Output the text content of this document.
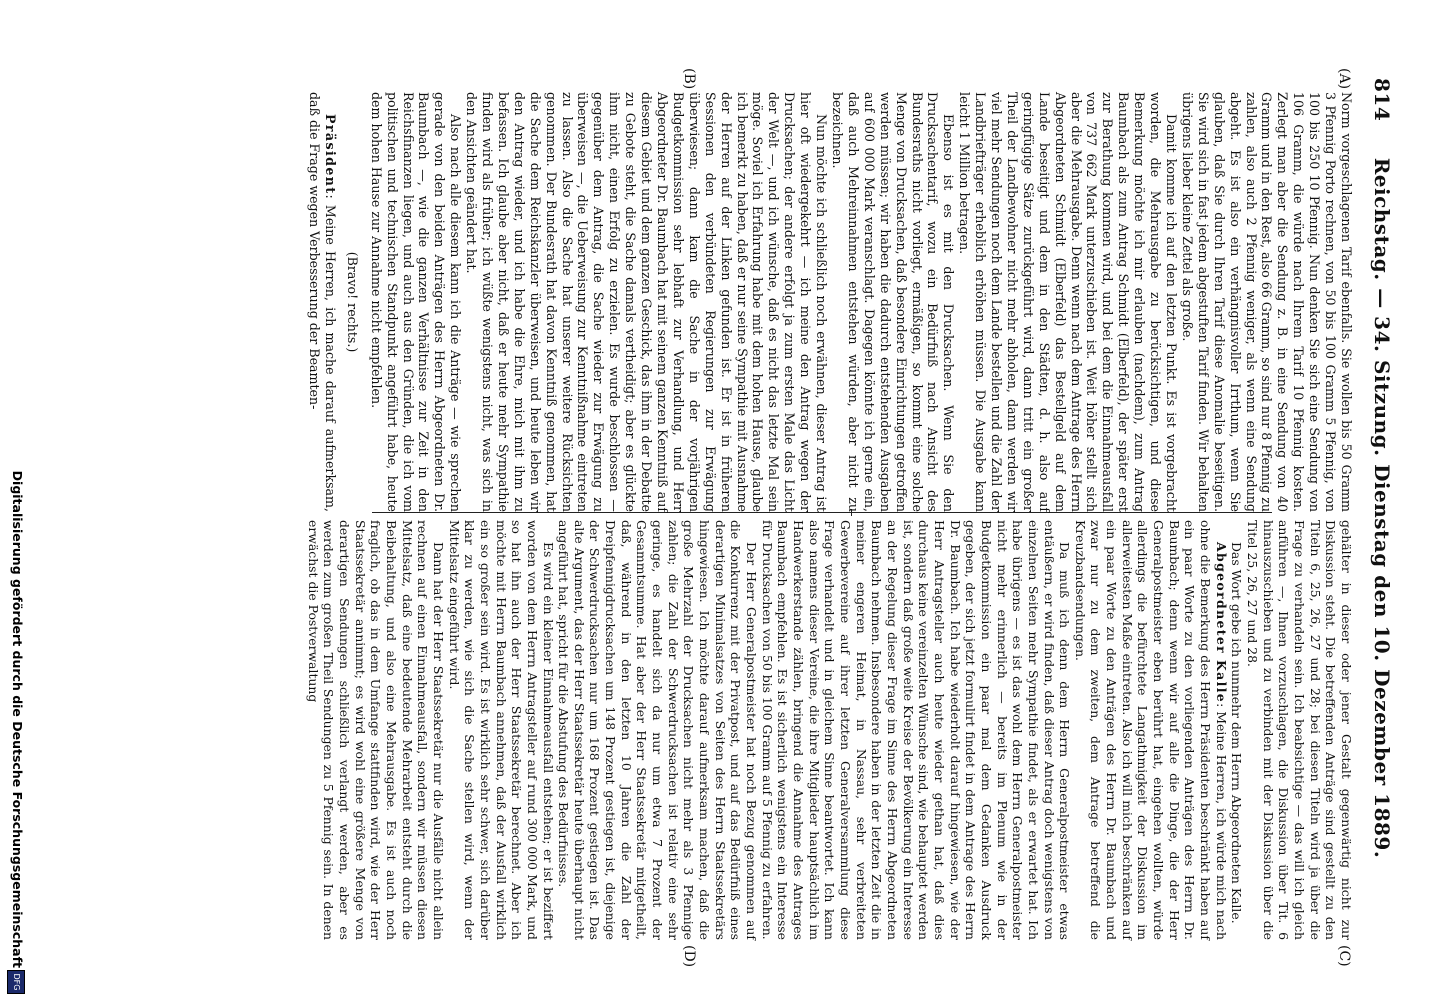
814
Reichstag. — 34. Sitzung. Dienstag den 10. Dezember 1889.
(A)
(B)
(C)
(D)

Norm vorgeschlagenen Tarif ebenfalls. Sie wollen bis 50 Gramm 3 Pfennig Porto rechnen, von 50 bis 100 Gramm 5 Pfennig, von 100 bis 250 10 Pfennig. Nun denken Sie sich eine Sendung von 106 Gramm, die würde nach Ihrem Tarif 10 Pfennig kosten. Zerlegt man aber die Sendung z. B. in eine Sendung von 40 Gramm und in den Rest, also 66 Gramm, so sind nur 8 Pfennig zu zahlen, also auch 2 Pfennig weniger, als wenn eine Sendung abgeht. Es ist also ein verhängnisvoller Irrthum, wenn Sie glauben, daß Sie durch Ihren Tarif diese Anomalie beseitigen. Sie wird sich in fast jedem abgestuften Tarif finden. Wir behalten übrigens lieber kleine Zettel als große.

Damit komme ich auf den letzten Punkt. Es ist vorgebracht worden, die Mehrausgabe zu berücksichtigen, und diese Bemerkung möchte ich mir erlauben (nachdem), zum Antrag Baumbach als zum Antrag Schmidt (Elberfeld), der später erst zur Berathung kommen wird, und bei dem die Einnahmeausfall von 737 662 Mark unterzuschieben ist. Weit höher stellt sich aber die Mehrausgabe. Denn wenn nach dem Antrage des Herrn Abgeordneten Schmidt (Elberfeld) das Bestellgeld auf dem Lande beseitigt und dem in den Städten, d. h. also auf geringfügige Sätze zurückgeführt wird, dann tritt ein großer Theil der Landbewohner nicht mehr abholen, dann werden wir viel mehr Sendungen noch dem Lande bestellen und die Zahl der Landbriefträger erheblich erhöhen müssen. Die Ausgabe kann leicht 1 Million betragen.

Ebenso ist es mit den Drucksachen. Wenn Sie den Drucksachentarif, wozu ein Bedürfniß nach Ansicht des Bundesraths nicht vorliegt, ermäßigen, so kommt eine solche Menge von Drucksachen, daß besondere Einrichtungen getroffen werden müssen; wir haben die dadurch entstehenden Ausgaben auf 600 000 Mark veranschlagt. Dagegen könnte ich gerne ein, daß auch Mehreinnahmen entstehen würden, aber nicht zu bezeichnen.

Nun möchte ich schließlich noch erwähnen, dieser Antrag ist hier oft wiedergekehrt — ich meine den Antrag wegen der Drucksachen; der andere erfolgt ja zum ersten Male das Licht der Welt —, und ich wünsche, daß es nicht das letzte Mal sein möge. Soviel ich Erfahrung habe mit dem hohen Hause, glaube ich bemerkt zu haben, daß er nur seine Sympathie mit Ausnahme der Herren auf der Linken gefunden ist. Er ist in früheren Sessionen den verbündeten Regierungen zur Erwägung überwiesen; dann kam die Sache in der vorjährigen Budgetkommission sehr lebhaft zur Verhandlung, und Herr Abgeordneter Dr. Baumbach hat mit seinem ganzen Kenntniß auf diesem Gebiet und dem ganzen Geschick, das ihm in der Debatte zu Gebote steht, die Sache damals vertheidigt; aber es glückte ihm nicht, einen Erfolg zu erzielen. Es wurde beschlossen — gegenüber dem Antrag, die Sache wieder zur Erwägung zu überweisen —, die Ueberweisung zur Kenntnißnahme eintreten zu lassen. Also die Sache hat unserer weitere Rücksichten genommen. Der Bundesrath hat davon Kenntniß genommen, hat die Sache dem Reichskanzler überweisen, und heute leben wir den Antrag wieder, und ich habe die Ehre, mich mit ihm zu befassen. Ich glaube aber nicht, daß er heute mehr Sympathie finden wird als früher; ich wüßte wenigstens nicht, was sich in den Ansichten geändert hat.

Also nach alle diesem kann ich die Anträge — wie sprechen gerade von den beiden Anträgen des Herrn Abgeordneten Dr. Baumbach —, wie die ganzen Verhältnisse zur Zeit in den Reichsfinanzen liegen, und auch aus den Gründen, die ich vom politischen und technischen Standpunkt angeführt habe, heute dem hohen Hause zur Annahme nicht empfehlen.

(Bravo! rechts.)

Präsident: Meine Herren, ich mache darauf aufmerksam, daß die Frage wegen Verbesserung der Beamten-

gehälter in dieser oder jener Gestalt gegenwärtig nicht zur Diskussion steht. Die betreffenden Anträge sind gestellt zu den Titeln 6, 25, 26, 27 und 28; bei diesen Titeln wird ja über die Frage zu verhandeln sein. Ich beabsichtige — das will ich gleich anführen —, Ihnen vorzuschlagen, die Diskussion über Tit. 6 hinauszuschieben und zu verbinden mit der Diskussion über die Titel 25, 26, 27 und 28.

Das Wort gebe ich nunmehr dem Herrn Abgeordneten Kalle.

Abgeordneter Kalle: Meine Herren, ich würde mich nach ohne die Bemerkung des Herrn Präsidenten beschränkt haben auf ein paar Worte zu den vorliegenden Anträgen des Herrn Dr. Baumbach; denn wenn wir auf alle die Dinge, die der Herr Generalpostmeister eben berührt hat, eingehen wollten, würde allerdings die befürchtete Langathmigkeit der Diskussion im allerweitesten Maße eintreten. Also ich will mich beschränken auf ein paar Worte zu den Anträgen des Herrn Dr. Baumbach und zwar nur zu dem zweiten, dem Antrage betreffend die Kreuzbandsendungen.

Da muß ich denn dem Herrn Generalpostmeister etwas entäußern, er wird finden, daß dieser Antrag doch wenigstens von einzelnen Seiten mehr Sympathie findet, als er erwartet hat. Ich habe übrigens — es ist das wohl dem Herrn Generalpostmeister nicht mehr erinnerlich — bereits im Plenum wie in der Budgetkommission ein paar mal dem Gedanken Ausdruck gegeben, der sich jetzt formulirt findet in dem Antrage des Herrn Dr. Baumbach. Ich habe wiederholt darauf hingewiesen, wie der Herr Antragsteller auch heute wieder gethan hat, daß dies durchaus keine vereinzelten Wünsche sind, wie behauptet werden ist, sondern daß große weite Kreise der Bevölkerung ein Interesse an der Regelung dieser Frage im Sinne des Herrn Abgeordneten Baumbach nehmen. Insbesondere haben in der letzten Zeit die in meiner engeren Heimat, in Nassau, sehr verbreiteten Gewerbevereine auf ihrer letzten Generalversammlung diese Frage verhandelt und in gleichem Sinne beantwortet. Ich kann also namens dieser Vereine, die ihre Mitglieder hauptsächlich im Handwerkerstande zählen, bringend die Annahme des Antrages Baumbach empfehlen. Es ist sicherlich wenigstens ein Interesse für Drucksachen von 50 bis 100 Gramm auf 5 Pfennig zu erfahren.

Der Herr Generalpostmeister hat noch Bezug genommen auf die Konkurrenz mit der Privatpost, und auf das Bedürfniß eines derartigen Minimalsatzes von Seiten des Herrn Staatssekretärs hingewiesen. Ich möchte darauf aufmerksam machen, daß die große Mehrzahl der Drucksachen nicht mehr als 3 Pfennige zahlen; die Zahl der Schwerdrucksachen ist relativ eine sehr geringe, es handelt sich da nur um etwa 7 Prozent der Gesammtsumme. Hat aber der Herr Staatssekretär mitgetheilt, daß, während in den letzten 10 Jahren die Zahl der Dreipfennigdrucksachen um 148 Prozent gestiegen ist, diejenige der Schwerdrucksachen nur um 168 Prozent gestiegen ist. Das alte Argument, das der Herr Staatssekretär heute überhaupt nicht angeführt hat, spricht für die Abstufung des Bedürfnisses.

Es wird ein kleiner Einnahmeausfall entstehen; er ist beziffert worden von dem Herrn Antragsteller auf rund 300 000 Mark, und so hat ihn auch der Herr Staatssekretär berechnet. Aber ich möchte mit Herrn Baumbach annehmen, daß der Ausfall wirklich ein so großer sein wird. Es ist wirklich sehr schwer, sich darüber klar zu werden, wie sich die Sache stellen wird, wenn der Mittelsatz eingeführt wird.

Dann hat der Herr Staatssekretär nur die Ausfälle nicht allein rechnen auf einen Einnahmeausfall, sondern wir müssen diesen Mittelsatz, daß eine bedeutende Mehrarbeit entsteht durch die Beibehaltung, und also eine Mehrausgabe. Es ist auch noch fraglich, ob das in dem Umfange stattfinden wird, wie der Herr Staatssekretär annimmt; es wird wohl eine größere Menge von derartigen Sendungen schließlich verlangt werden, aber es werden zum großen Theil Sendungen zu 5 Pfennig sein. In denen erwächst die Postverwaltung

Digitalisierung gefördert durch die Deutsche Forschungsgemeinschaft
DFG
